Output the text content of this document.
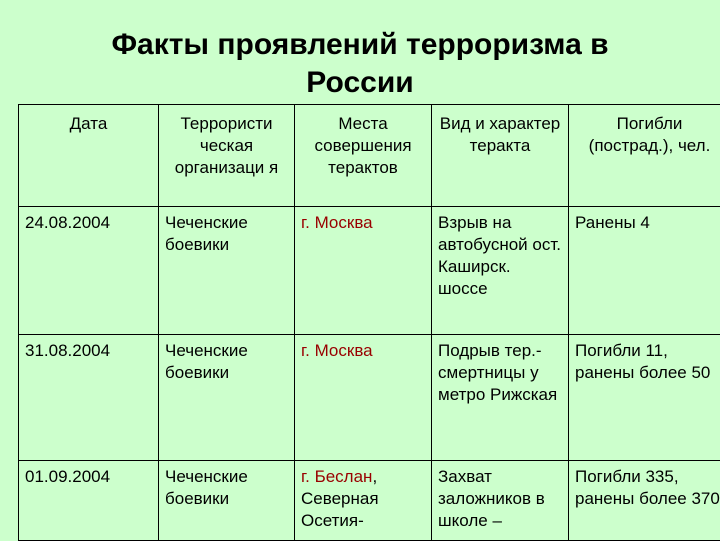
Факты проявлений терроризма в
России
Дата	Террористи ческая организаци я	Места совершения терактов	Вид и характер теракта	Погибли (пострад.), чел.
24.08.2004	Чеченские боевики	г. Москва	Взрыв на автобусной ост. Каширск. шоссе	Ранены 4
31.08.2004	Чеченские боевики	г. Москва	Подрыв тер.-смертницы у метро Рижская	Погибли 11, ранены более 50
01.09.2004	Чеченские боевики	г. Беслан, Северная Осетия-	Захват заложников в школе –	Погибли 335, ранены более 370
